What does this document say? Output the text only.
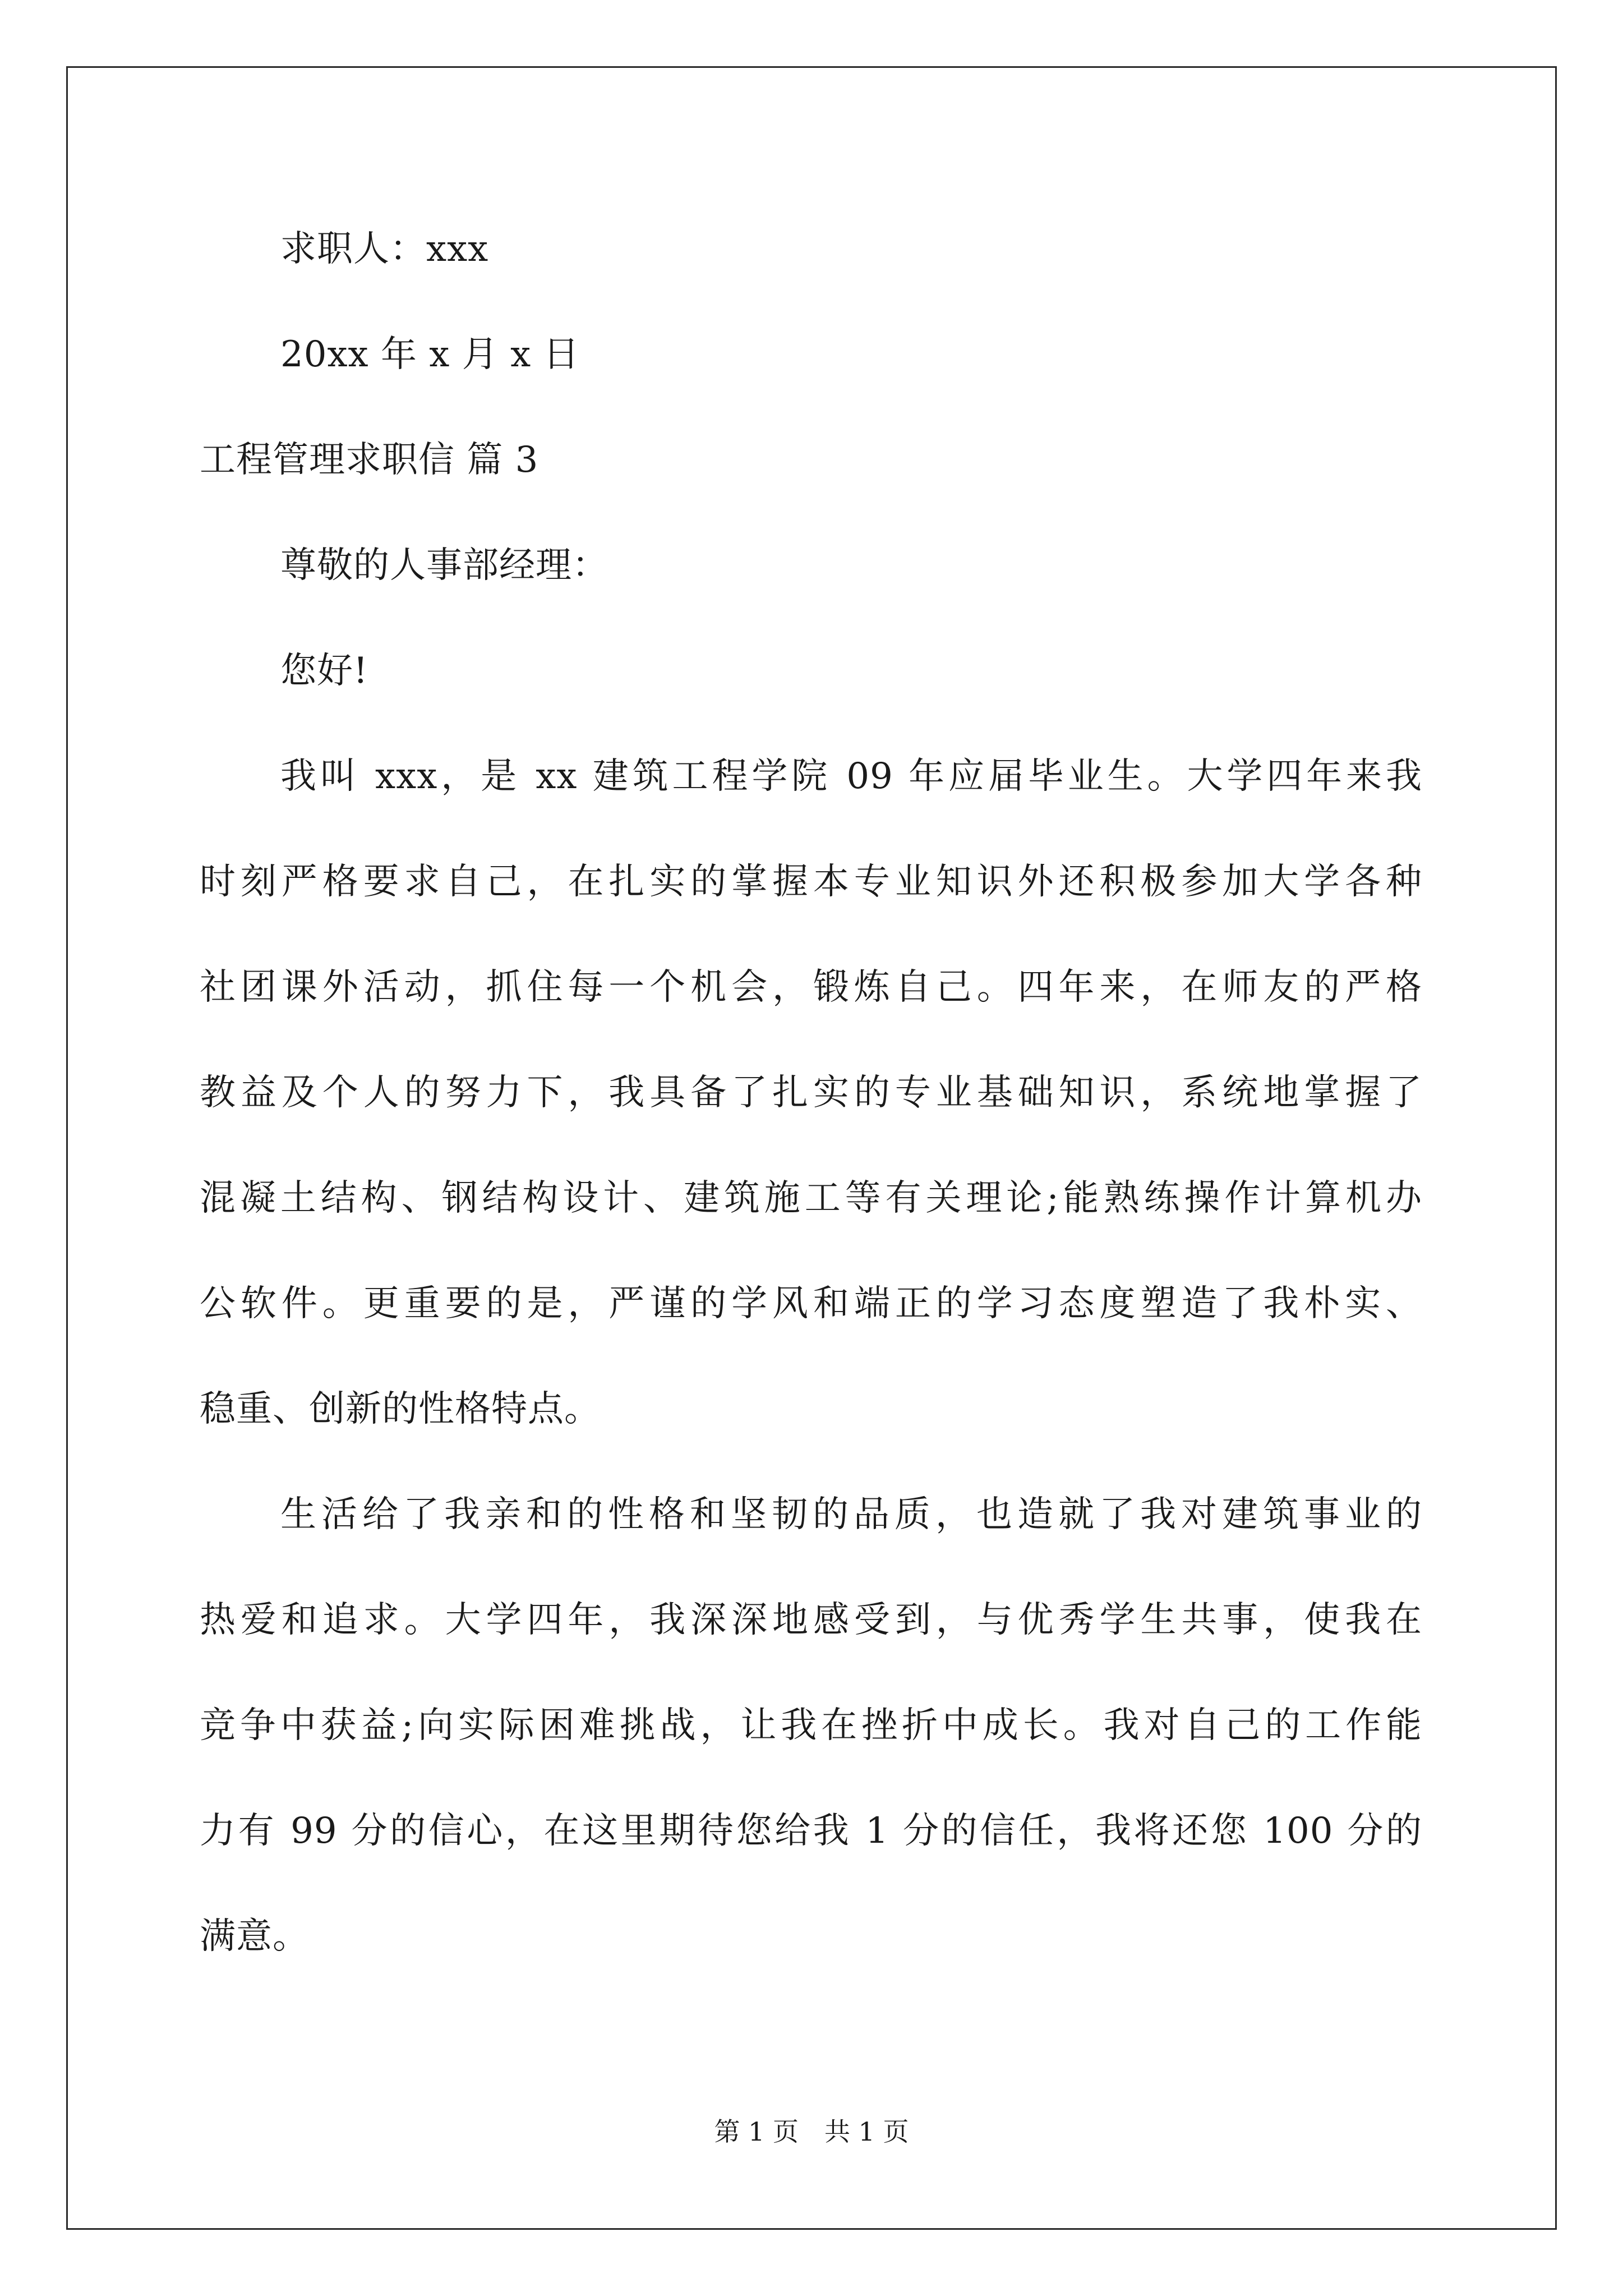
求职人：xxx
20xx 年 x 月 x 日
工程管理求职信 篇 3
尊敬的人事部经理：
您好!
我叫 xxx，是 xx 建筑工程学院 09 年应届毕业生。大学四年来我
时刻严格要求自己，在扎实的掌握本专业知识外还积极参加大学各种
社团课外活动，抓住每一个机会，锻炼自己。四年来，在师友的严格
教益及个人的努力下，我具备了扎实的专业基础知识，系统地掌握了
混凝土结构、钢结构设计、建筑施工等有关理论;能熟练操作计算机办
公软件。更重要的是，严谨的学风和端正的学习态度塑造了我朴实、
稳重、创新的性格特点。
生活给了我亲和的性格和坚韧的品质，也造就了我对建筑事业的
热爱和追求。大学四年，我深深地感受到，与优秀学生共事，使我在
竞争中获益;向实际困难挑战，让我在挫折中成长。我对自己的工作能
力有 99 分的信心，在这里期待您给我 1 分的信任，我将还您 100 分的
满意。
第 1 页　共 1 页
